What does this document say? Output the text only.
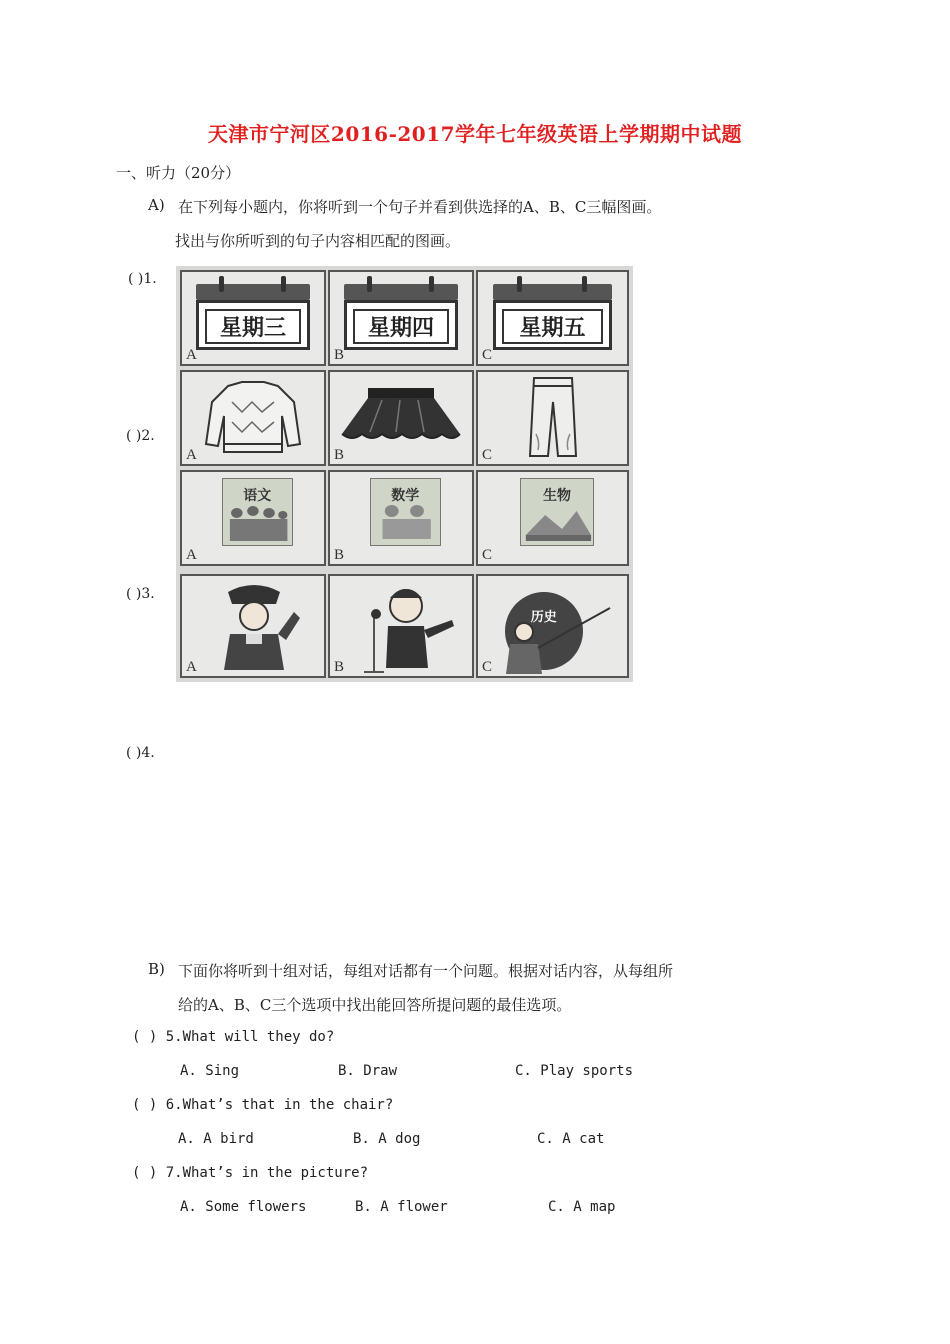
天津市宁河区2016-2017学年七年级英语上学期期中试题
一、听力（20分）
A) 在下列每小题内，你将听到一个句子并看到供选择的A、B、C三幅图画。
找出与你所听到的句子内容相匹配的图画。
( )1.
( )2.
( )3.
( )4.
星期三
A
星期四
B
星期五
C
A	B	C
语文
A
数学
B
生物
C
A	B
历史
C
B) 下面你将听到十组对话，每组对话都有一个问题。根据对话内容，从每组所
给的A、B、C三个选项中找出能回答所提问题的最佳选项。
( ) 5.What will they do?
A. Sing	B. Draw	C. Play sports
( ) 6.What’s that in the chair?
A. A bird	B. A dog	C. A cat
( ) 7.What’s in the picture?
A. Some flowers	B. A flower	C. A map
